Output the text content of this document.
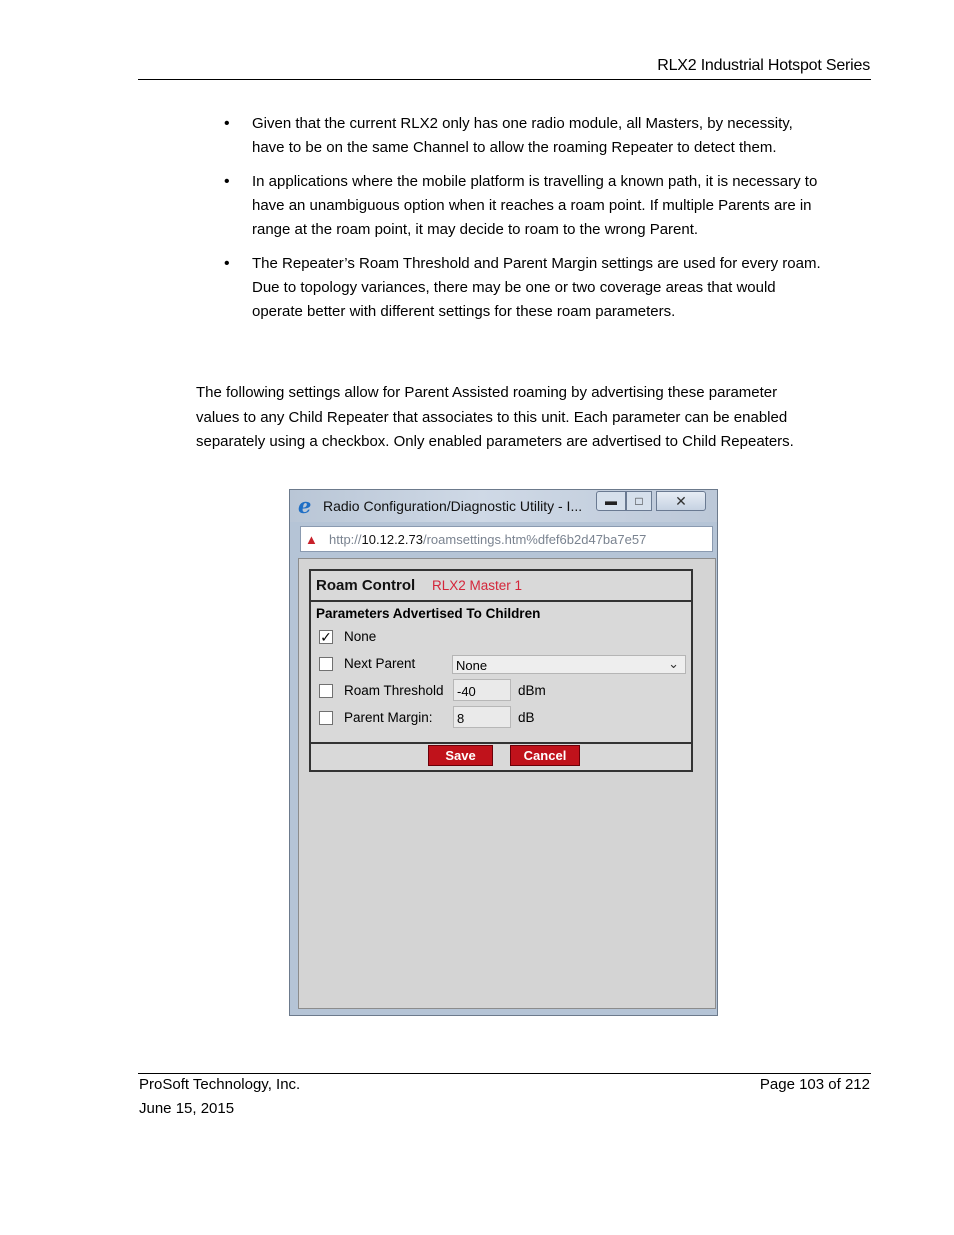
RLX2 Industrial Hotspot Series
• Given that the current RLX2 only has one radio module, all Masters, by necessity, have to be on the same Channel to allow the roaming Repeater to detect them.
• In applications where the mobile platform is travelling a known path, it is necessary to have an unambiguous option when it reaches a roam point. If multiple Parents are in range at the roam point, it may decide to roam to the wrong Parent.
• The Repeater’s Roam Threshold and Parent Margin settings are used for every roam. Due to topology variances, there may be one or two coverage areas that would operate better with different settings for these roam parameters.

The following settings allow for Parent Assisted roaming by advertising these parameter values to any Child Repeater that associates to this unit. Each parameter can be enabled separately using a checkbox. Only enabled parameters are advertised to Child Repeaters.

e Radio Configuration/Diagnostic Utility - I...	▬	□	✕
▲ http://10.12.2.73/roamsettings.htm%dfef6b2d47ba7e57
Roam Control RLX2 Master 1
Parameters Advertised To Children
✓ None
Next Parent	None	⌄
Roam Threshold	-40	dBm
Parent Margin:	8	dB
Save	Cancel
ProSoft Technology, Inc.	Page 103 of 212
June 15, 2015
